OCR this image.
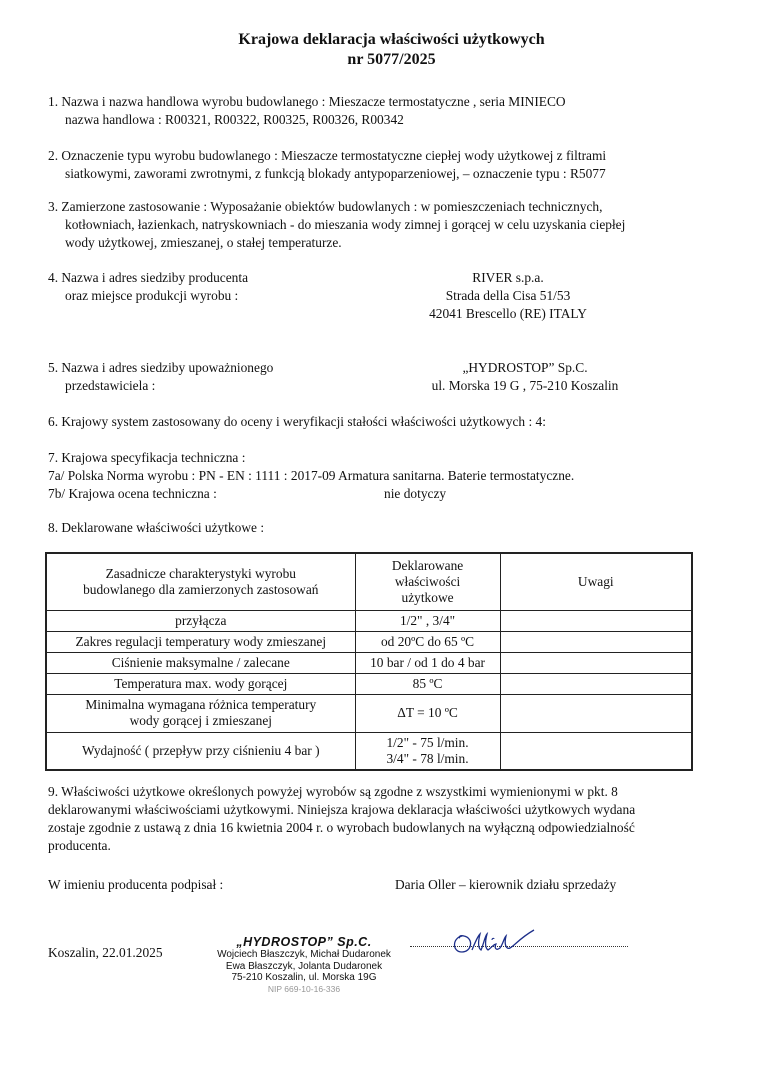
Krajowa deklaracja właściwości użytkowych
nr 5077/2025
1. Nazwa i nazwa handlowa wyrobu budowlanego : Mieszacze termostatyczne , seria MINIECO
nazwa handlowa : R00321, R00322, R00325, R00326, R00342
2. Oznaczenie typu wyrobu budowlanego : Mieszacze termostatyczne ciepłej wody użytkowej z filtrami
siatkowymi, zaworami zwrotnymi, z funkcją blokady antypoparzeniowej, – oznaczenie typu : R5077
3. Zamierzone zastosowanie : Wyposażanie obiektów budowlanych : w pomieszczeniach technicznych,
kotłowniach, łazienkach, natryskowniach - do mieszania wody zimnej i gorącej w celu uzyskania ciepłej
wody użytkowej, zmieszanej, o stałej temperaturze.
4. Nazwa i adres siedziby producenta
oraz miejsce produkcji wyrobu :
RIVER s.p.a.
Strada della Cisa 51/53
42041 Brescello (RE) ITALY
5. Nazwa i adres siedziby upoważnionego
przedstawiciela :
„HYDROSTOP” Sp.C.
ul. Morska 19 G , 75-210 Koszalin
6. Krajowy system zastosowany do oceny i weryfikacji stałości właściwości użytkowych : 4:
7. Krajowa specyfikacja techniczna :
7a/ Polska Norma wyrobu : PN - EN : 1111 : 2017-09 Armatura sanitarna. Baterie termostatyczne.
7b/ Krajowa ocena techniczna :	nie dotyczy
8. Deklarowane właściwości użytkowe :
Zasadnicze charakterystyki wyrobu
budowlanego dla zamierzonych zastosowań	Deklarowane
właściwości
użytkowe	Uwagi
przyłącza	1/2" , 3/4"	
Zakres regulacji temperatury wody zmieszanej	od 20ºC do 65 ºC	
Ciśnienie maksymalne / zalecane	10 bar / od 1 do 4 bar	
Temperatura max. wody gorącej	85 ºC	

Minimalna wymagana różnica temperatury
wody gorącej i zmieszanej	ΔT = 10 ºC	
Wydajność ( przepływ przy ciśnieniu 4 bar )	1/2" - 75 l/min.
3/4" - 78 l/min.	

9. Właściwości użytkowe określonych powyżej wyrobów są zgodne z wszystkimi wymienionymi w pkt. 8
deklarowanymi właściwościami użytkowymi. Niniejsza krajowa deklaracja właściwości użytkowych wydana
zostaje zgodnie z ustawą z dnia 16 kwietnia 2004 r. o wyrobach budowlanych na wyłączną odpowiedzialność
producenta.
W imieniu producenta podpisał :	Daria Oller – kierownik działu sprzedaży
Koszalin, 22.01.2025
„HYDROSTOP” Sp.C.
Wojciech Błaszczyk, Michał Dudaronek
Ewa Błaszczyk, Jolanta Dudaronek
75-210 Koszalin, ul. Morska 19G
NIP 669-10-16-336
